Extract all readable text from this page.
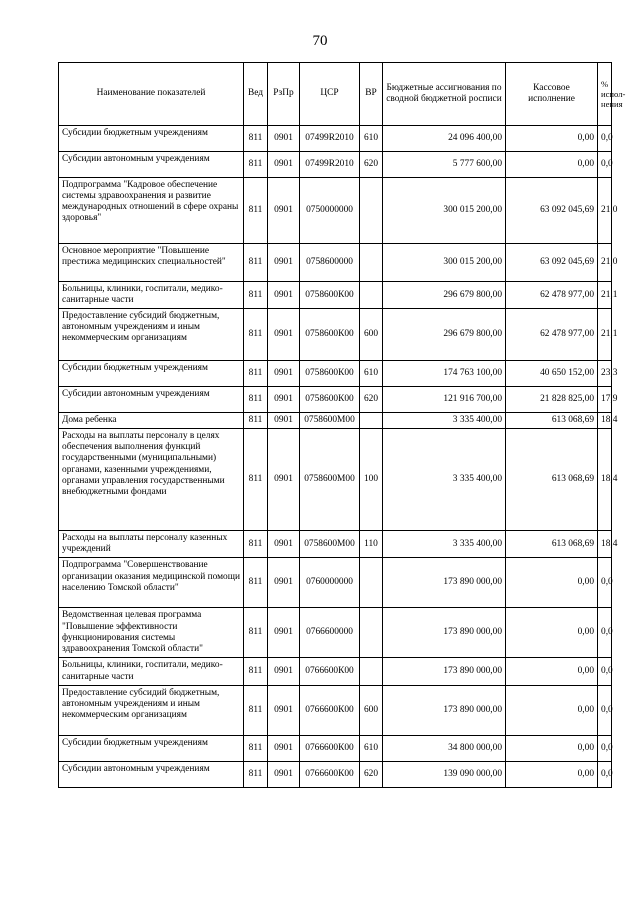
70
Наименование показателей	Вед	РзПр	ЦСР	ВР	Бюджетные ассигнования по сводной бюджетной росписи	Кассовое исполнение	% испол-нения
Субсидии бюджетным учреждениям	811	0901	07499R2010	610	24 096 400,00	0,00	0,0
Субсидии автономным учреждениям	811	0901	07499R2010	620	5 777 600,00	0,00	0,0
Подпрограмма "Кадровое обеспечение системы здравоохранения и развитие международных отношений в сфере охраны здоровья"	811	0901	0750000000		300 015 200,00	63 092 045,69	21,0
Основное мероприятие "Повышение престижа медицинских специальностей"	811	0901	0758600000		300 015 200,00	63 092 045,69	21,0
Больницы, клиники, госпитали, медико-санитарные части	811	0901	0758600К00		296 679 800,00	62 478 977,00	21,1
Предоставление субсидий бюджетным, автономным учреждениям и иным некоммерческим организациям	811	0901	0758600К00	600	296 679 800,00	62 478 977,00	21,1
Субсидии бюджетным учреждениям	811	0901	0758600К00	610	174 763 100,00	40 650 152,00	23,3
Субсидии автономным учреждениям	811	0901	0758600К00	620	121 916 700,00	21 828 825,00	17,9
Дома ребенка	811	0901	0758600М00		3 335 400,00	613 068,69	18,4
Расходы на выплаты персоналу в целях обеспечения выполнения функций государственными (муниципальными) органами, казенными учреждениями, органами управления государственными внебюджетными фондами	811	0901	0758600М00	100	3 335 400,00	613 068,69	18,4
Расходы на выплаты персоналу казенных учреждений	811	0901	0758600М00	110	3 335 400,00	613 068,69	18,4
Подпрограмма "Совершенствование организации оказания медицинской помощи населению Томской области"	811	0901	0760000000		173 890 000,00	0,00	0,0
Ведомственная целевая программа "Повышение эффективности функционирования системы здравоохранения Томской области"	811	0901	0766600000		173 890 000,00	0,00	0,0
Больницы, клиники, госпитали, медико-санитарные части	811	0901	0766600К00		173 890 000,00	0,00	0,0
Предоставление субсидий бюджетным, автономным учреждениям и иным некоммерческим организациям	811	0901	0766600К00	600	173 890 000,00	0,00	0,0
Субсидии бюджетным учреждениям	811	0901	0766600К00	610	34 800 000,00	0,00	0,0
Субсидии автономным учреждениям	811	0901	0766600К00	620	139 090 000,00	0,00	0,0
